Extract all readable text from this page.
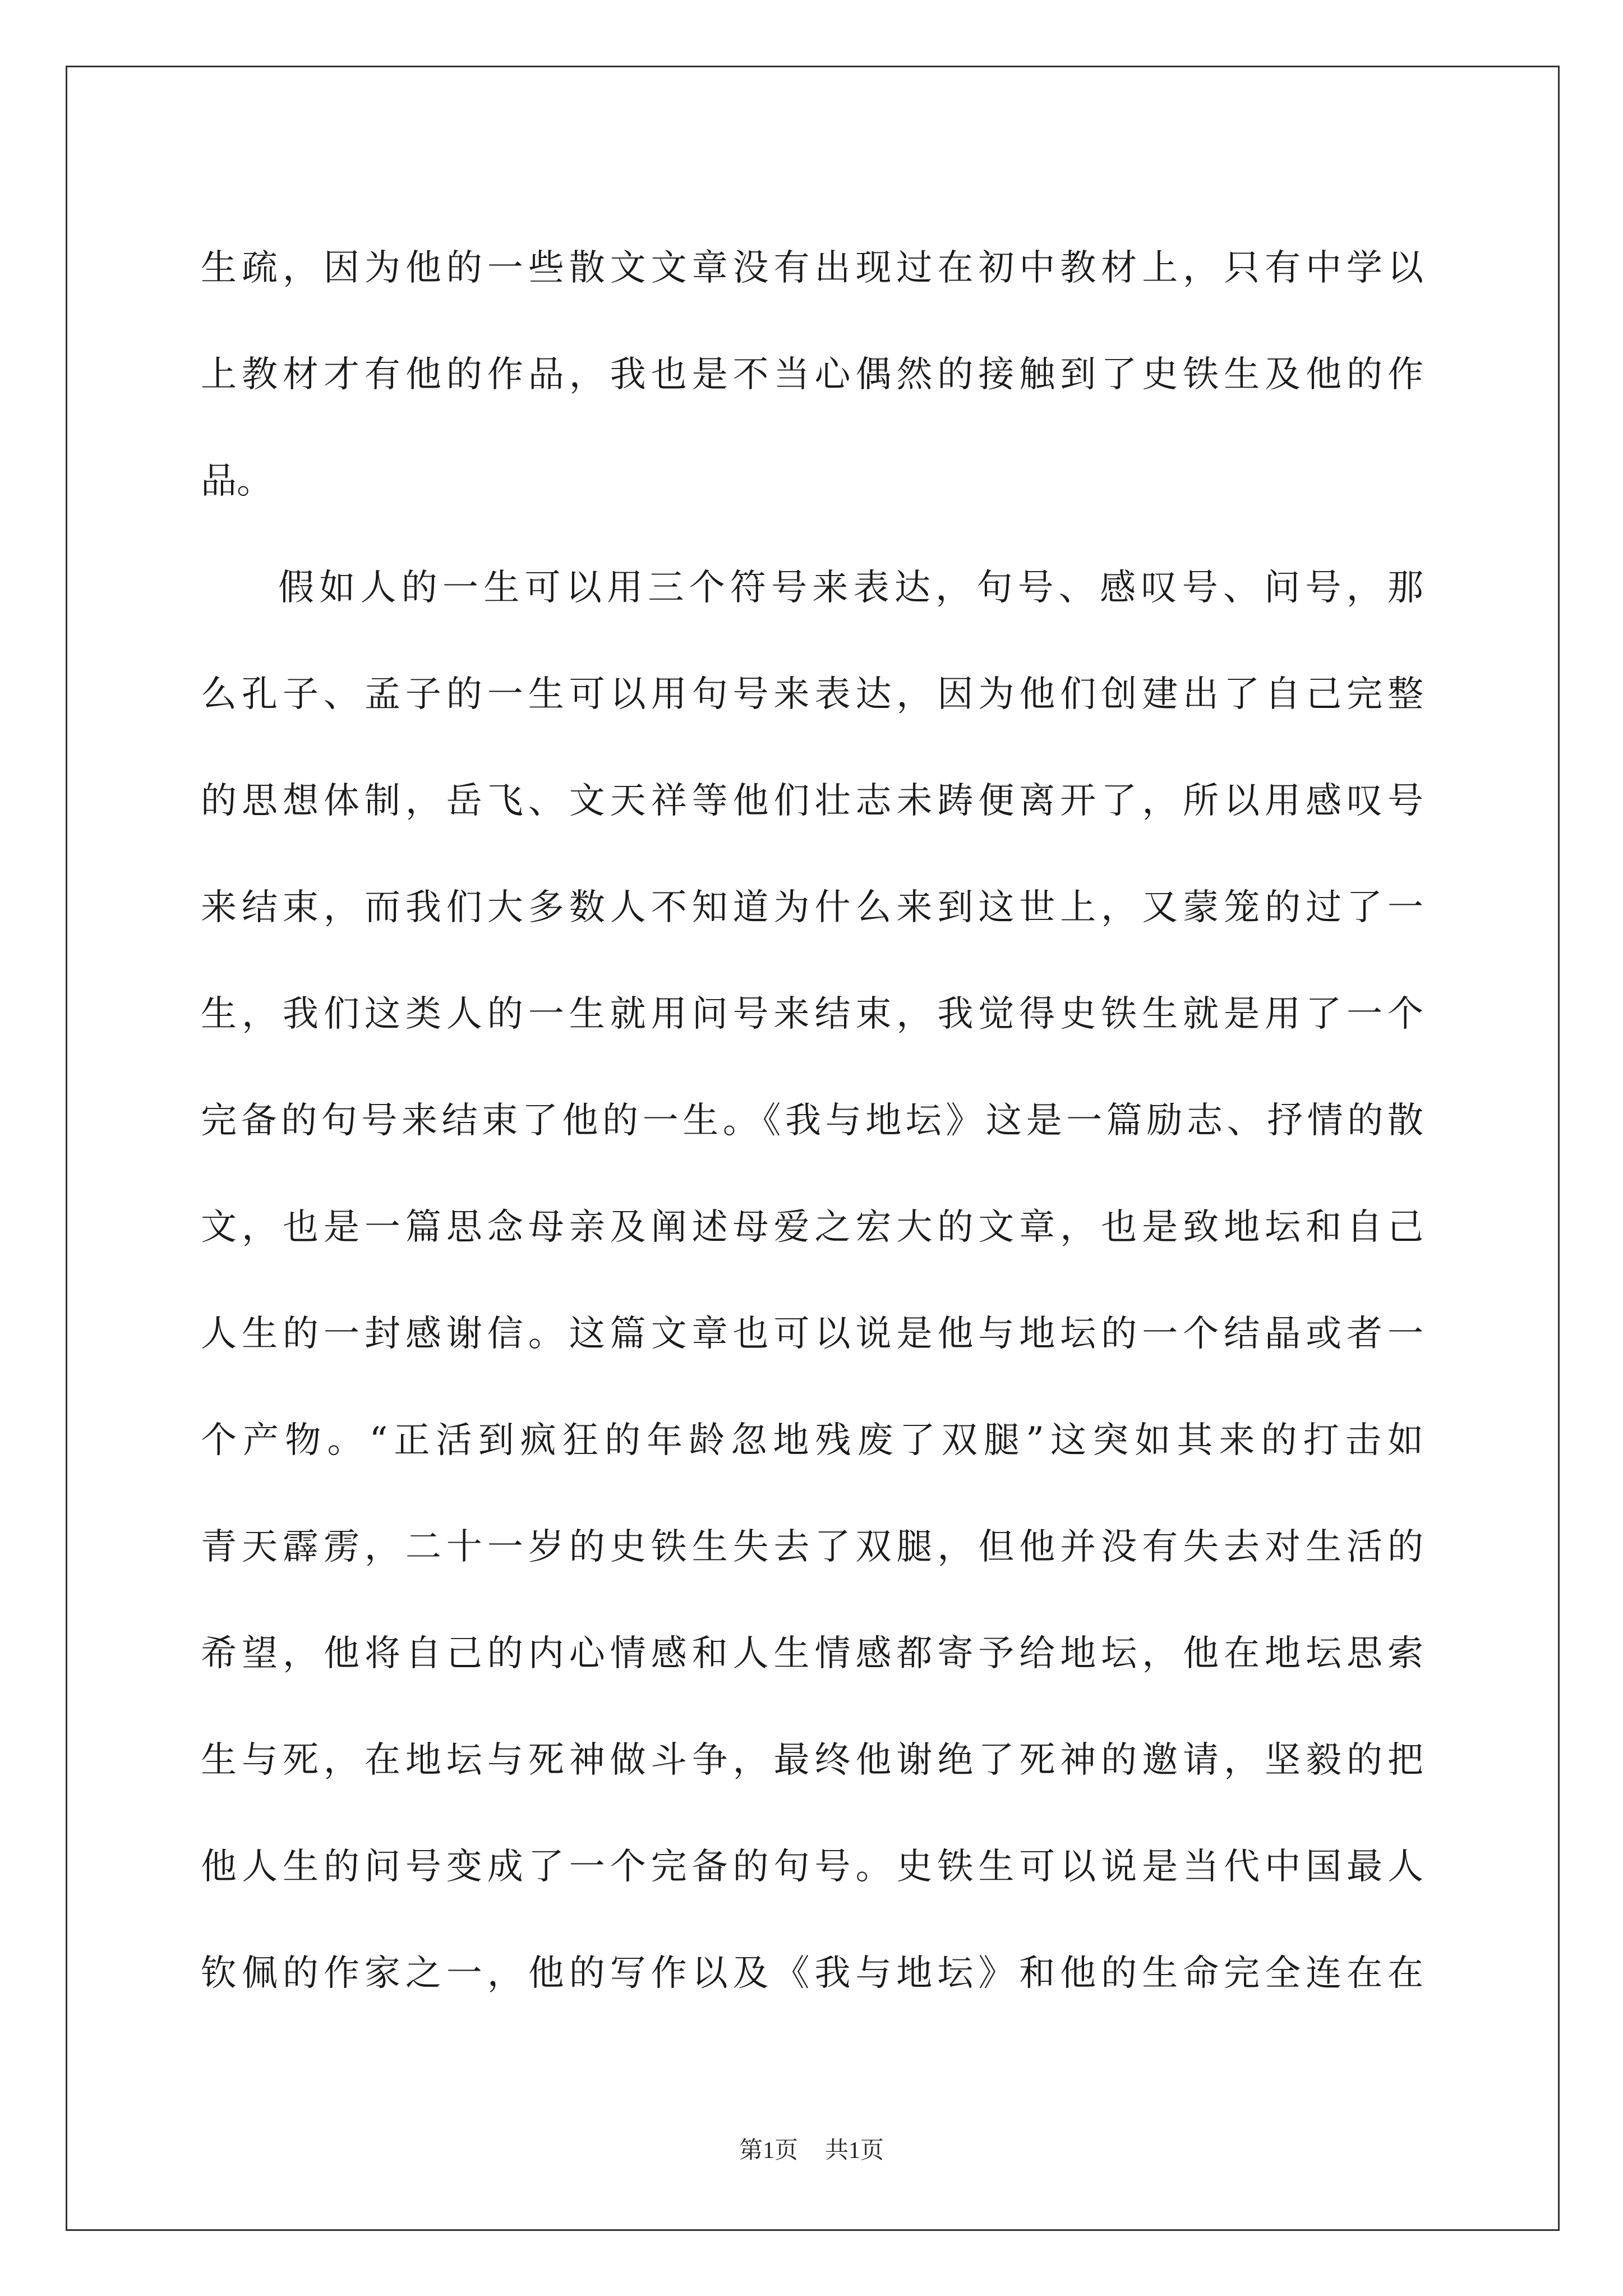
生疏，因为他的一些散文文章没有出现过在初中教材上，只有中学以
上教材才有他的作品，我也是不当心偶然的接触到了史铁生及他的作
品。
假如人的一生可以用三个符号来表达，句号、感叹号、问号，那
么孔子、孟子的一生可以用句号来表达，因为他们创建出了自己完整
的思想体制，岳飞、文天祥等他们壮志未踌便离开了，所以用感叹号
来结束，而我们大多数人不知道为什么来到这世上，又蒙笼的过了一
生，我们这类人的一生就用问号来结束，我觉得史铁生就是用了一个
完备的句号来结束了他的一生。《我与地坛》这是一篇励志、抒情的散
文，也是一篇思念母亲及阐述母爱之宏大的文章，也是致地坛和自己
人生的一封感谢信。这篇文章也可以说是他与地坛的一个结晶或者一
个产物。“正活到疯狂的年龄忽地残废了双腿”这突如其来的打击如
青天霹雳，二十一岁的史铁生失去了双腿，但他并没有失去对生活的
希望，他将自己的内心情感和人生情感都寄予给地坛，他在地坛思索
生与死，在地坛与死神做斗争，最终他谢绝了死神的邀请，坚毅的把
他人生的问号变成了一个完备的句号。史铁生可以说是当代中国最人
钦佩的作家之一，他的写作以及《我与地坛》和他的生命完全连在在
第1页 共1页
